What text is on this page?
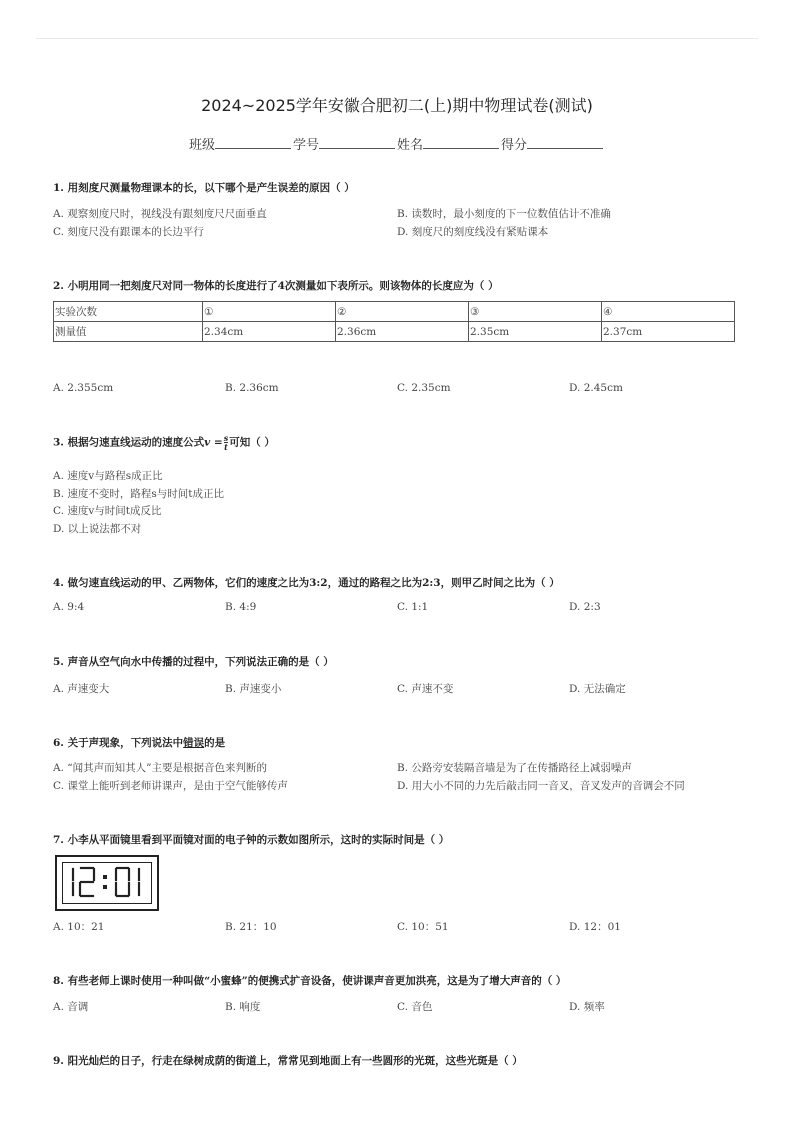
2024~2025学年安徽合肥初二(上)期中物理试卷(测试)
班级	学号	姓名	得分
1. 用刻度尺测量物理课本的长，以下哪个是产生误差的原因（ ）
A. 观察刻度尺时，视线没有跟刻度尺尺面垂直	B. 读数时，最小刻度的下一位数值估计不准确
C. 刻度尺没有跟课本的长边平行	D. 刻度尺的刻度线没有紧贴课本
2. 小明用同一把刻度尺对同一物体的长度进行了4次测量如下表所示。则该物体的长度应为（ ）
实验次数	①	②	③	④
测量值	2.34cm	2.36cm	2.35cm	2.37cm
A. 2.355cm	B. 2.36cm	C. 2.35cm	D. 2.45cm
3. 根据匀速直线运动的速度公式$v = \frac{s}{t}$ 可知（ ）
A. 速度v与路程s成正比
B. 速度不变时，路程s与时间t成正比
C. 速度v与时间t成反比
D. 以上说法都不对
4. 做匀速直线运动的甲、乙两物体，它们的速度之比为3:2，通过的路程之比为2:3，则甲乙时间之比为（ ）
A. 9:4	B. 4:9	C. 1:1	D. 2:3
5. 声音从空气向水中传播的过程中，下列说法正确的是（ ）
A. 声速变大	B. 声速变小	C. 声速不变	D. 无法确定
6. 关于声现象，下列说法中错误的是
A. “闻其声而知其人”主要是根据音色来判断的	B. 公路旁安装隔音墙是为了在传播路径上减弱噪声
C. 课堂上能听到老师讲课声，是由于空气能够传声	D. 用大小不同的力先后敲击同一音叉，音叉发声的音调会不同
7. 小李从平面镜里看到平面镜对面的电子钟的示数如图所示，这时的实际时间是（ ）
A. 10：21	B. 21：10	C. 10：51	D. 12：01
8. 有些老师上课时使用一种叫做“小蜜蜂”的便携式扩音设备，使讲课声音更加洪亮，这是为了增大声音的（ ）
A. 音调	B. 响度	C. 音色	D. 频率
9. 阳光灿烂的日子，行走在绿树成荫的街道上，常常见到地面上有一些圆形的光斑，这些光斑是（ ）
